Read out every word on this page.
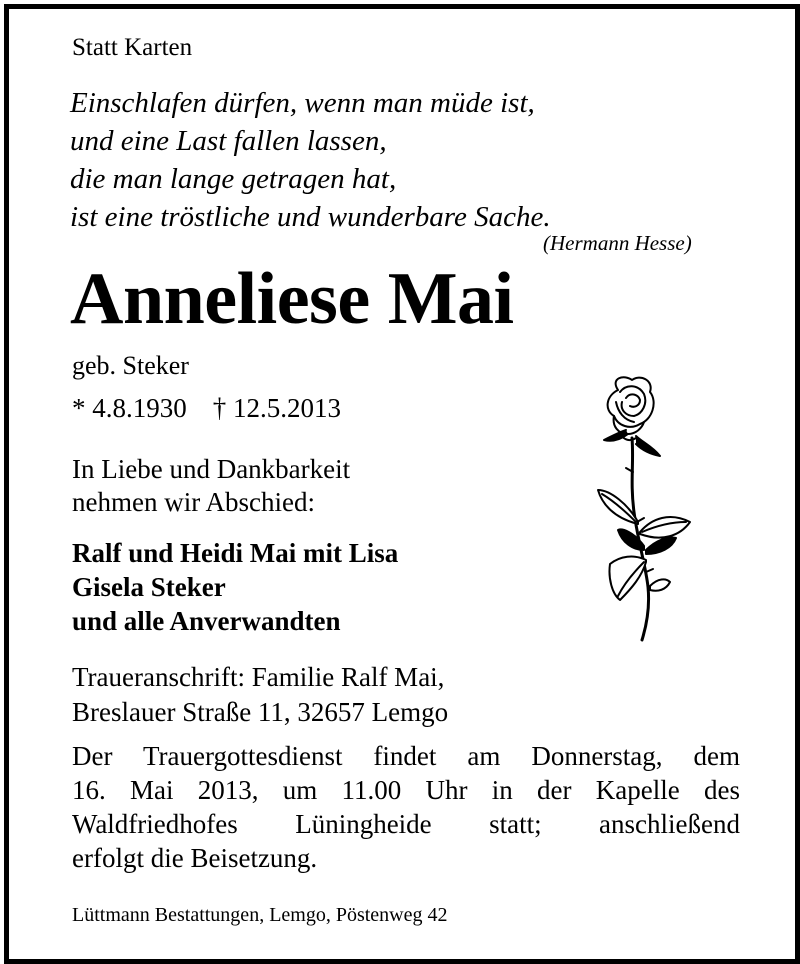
Statt Karten
Einschlafen dürfen, wenn man müde ist,
und eine Last fallen lassen,
die man lange getragen hat,
ist eine tröstliche und wunderbare Sache.
(Hermann Hesse)
Anneliese Mai
geb. Steker
* 4.8.1930 † 12.5.2013
In Liebe und Dankbarkeit
nehmen wir Abschied:
Ralf und Heidi Mai mit Lisa
Gisela Steker
und alle Anverwandten
Traueranschrift: Familie Ralf Mai,
Breslauer Straße 11, 32657 Lemgo
Der Trauergottesdienst findet am Donnerstag, dem
16. Mai 2013, um 11.00 Uhr in der Kapelle des
Waldfriedhofes Lüningheide statt; anschließend
erfolgt die Beisetzung.
Lüttmann Bestattungen, Lemgo, Pöstenweg 42
